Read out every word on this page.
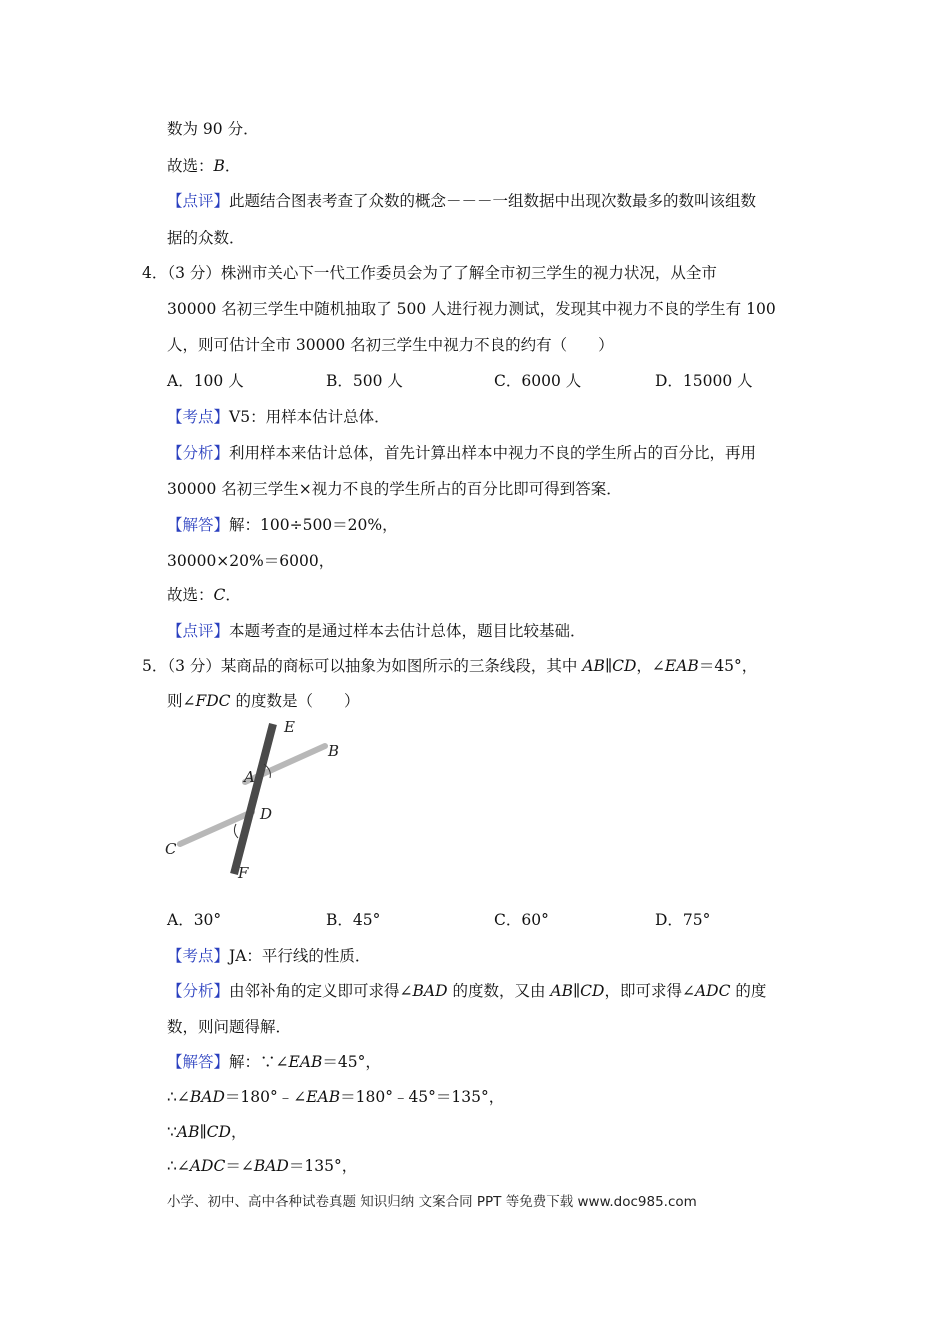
数为 90 分．
故选：B．
【点评】此题结合图表考查了众数的概念－－－一组数据中出现次数最多的数叫该组数
据的众数．
4．（3 分）株洲市关心下一代工作委员会为了了解全市初三学生的视力状况，从全市
30000 名初三学生中随机抽取了 500 人进行视力测试，发现其中视力不良的学生有 100
人，则可估计全市 30000 名初三学生中视力不良的约有（　　）
A．100 人	B．500 人	C．6000 人	D．15000 人
【考点】V5：用样本估计总体．
【分析】利用样本来估计总体，首先计算出样本中视力不良的学生所占的百分比，再用
30000 名初三学生×视力不良的学生所占的百分比即可得到答案．
【解答】解：100÷500＝20%，
30000×20%＝6000，
故选：C．
【点评】本题考查的是通过样本去估计总体，题目比较基础．
5．（3 分）某商品的商标可以抽象为如图所示的三条线段，其中 AB∥CD，∠EAB＝45°，
则∠FDC 的度数是（　　）
E
B
A
D
C
F
A．30°	B．45°	C．60°	D．75°
【考点】JA：平行线的性质．
【分析】由邻补角的定义即可求得∠BAD 的度数，又由 AB∥CD，即可求得∠ADC 的度
数，则问题得解．
【解答】解：∵∠EAB＝45°，
∴∠BAD＝180°﹣∠EAB＝180°﹣45°＝135°，
∵AB∥CD，
∴∠ADC＝∠BAD＝135°，
小学、初中、高中各种试卷真题 知识归纳 文案合同 PPT 等免费下载 www.doc985.com
